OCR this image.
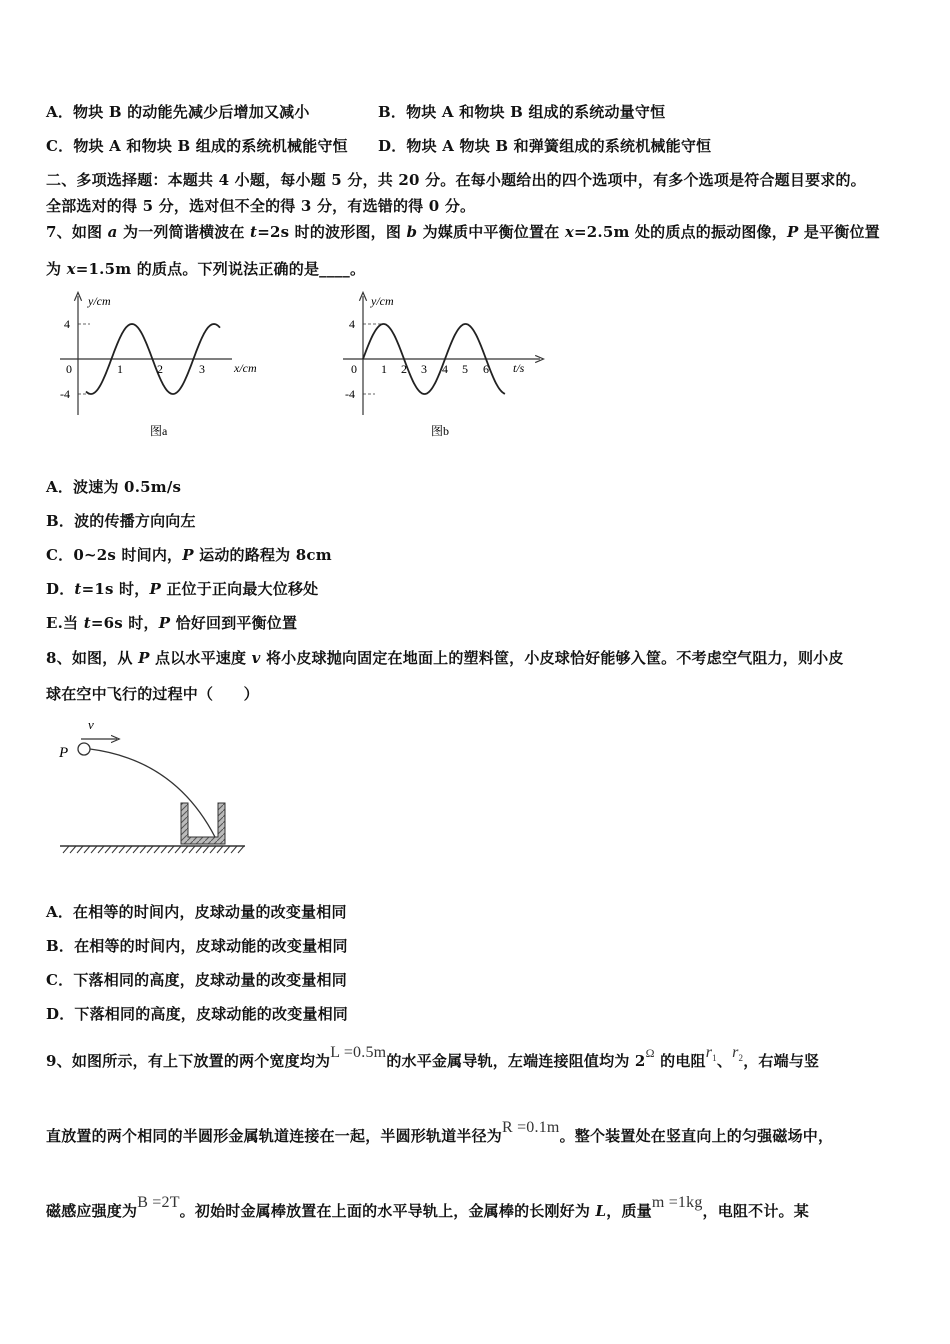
A．物块 B 的动能先减少后增加又减小	B．物块 A 和物块 B 组成的系统动量守恒
C．物块 A 和物块 B 组成的系统机械能守恒 D．物块 A 物块 B 和弹簧组成的系统机械能守恒
二、多项选择题：本题共 4 小题，每小题 5 分，共 20 分。在每小题给出的四个选项中，有多个选项是符合题目要求的。
全部选对的得 5 分，选对但不全的得 3 分，有选错的得 0 分。
7、如图 a 为一列简谐横波在 t=2s 时的波形图，图 b 为媒质中平衡位置在 x=2.5m 处的质点的振动图像，P 是平衡位置
为 x=1.5m 的质点。下列说法正确的是____。
y/cm
4
-4
0	1	2	3 x/cm
图a
y/cm
4
-4
0 1 2 3 4 5 6 t/s
图b
A．波速为 0.5m/s
B．波的传播方向向左
C．0~2s 时间内，P 运动的路程为 8cm
D．t=1s 时，P 正位于正向最大位移处
E.当 t=6s 时，P 恰好回到平衡位置
8、如图，从 P 点以水平速度 v 将小皮球抛向固定在地面上的塑料筐，小皮球恰好能够入筐。不考虑空气阻力，则小皮
球在空中飞行的过程中（　　）
P
v
A．在相等的时间内，皮球动量的改变量相同
B．在相等的时间内，皮球动能的改变量相同
C．下落相同的高度，皮球动量的改变量相同
D．下落相同的高度，皮球动能的改变量相同
9、如图所示，有上下放置的两个宽度均为L =0.5m的水平金属导轨，左端连接阻值均为 $2^\Omega$ 的电阻$r_1$、$r_2$，右端与竖
直放置的两个相同的半圆形金属轨道连接在一起，半圆形轨道半径为R =0.1m。整个装置处在竖直向上的匀强磁场中，
磁感应强度为B =2T。初始时金属棒放置在上面的水平导轨上，金属棒的长刚好为 L，质量m =1kg，电阻不计。某
